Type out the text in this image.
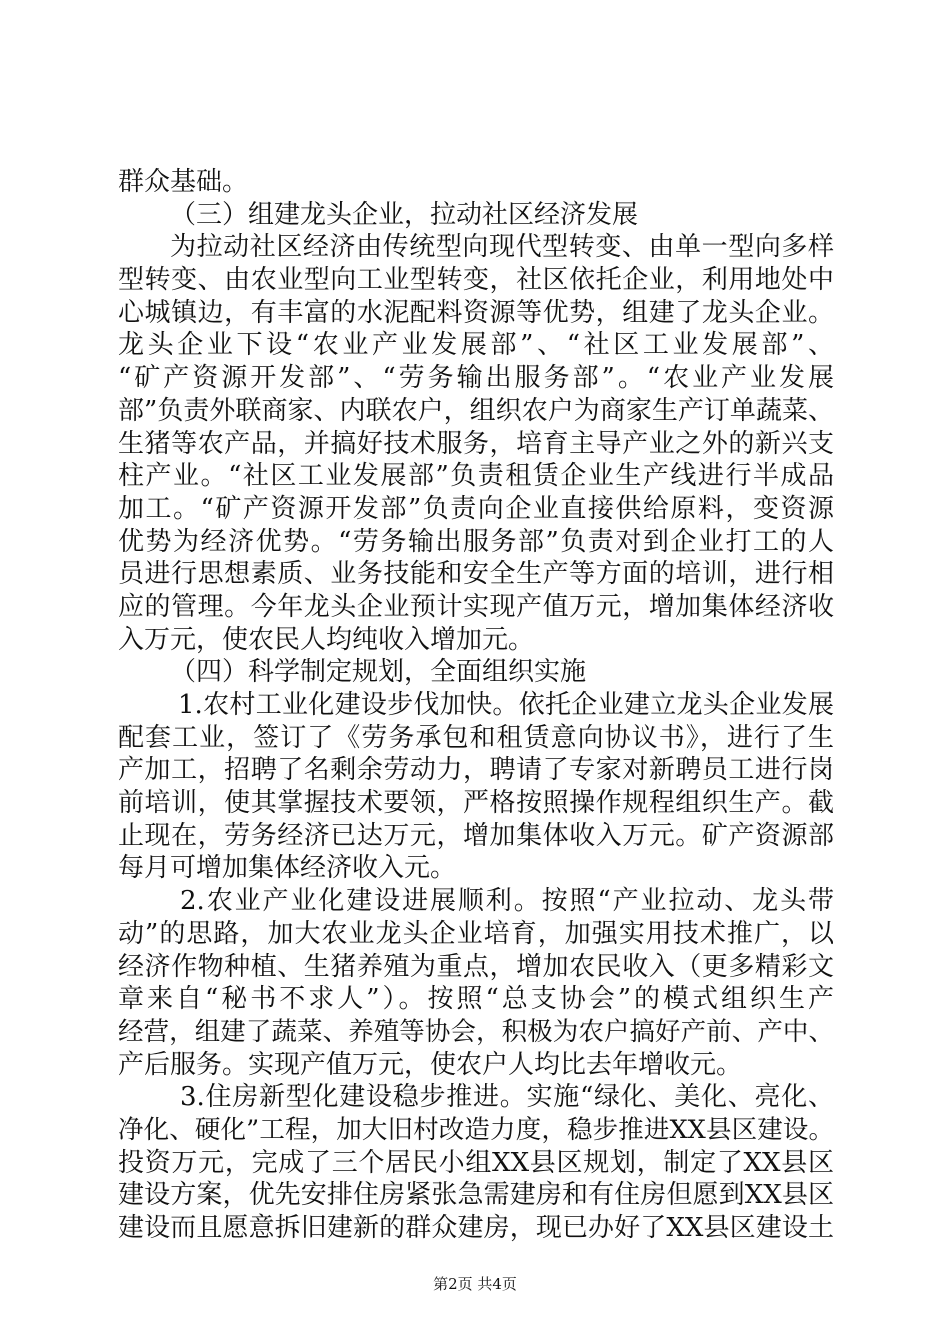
群众基础。
（三）组建龙头企业，拉动社区经济发展
为拉动社区经济由传统型向现代型转变、由单一型向多样
型转变、由农业型向工业型转变，社区依托企业，利用地处中
心城镇边，有丰富的水泥配料资源等优势，组建了龙头企业。
龙头企业下设“农业产业发展部”、“社区工业发展部”、
“矿产资源开发部”、“劳务输出服务部”。“农业产业发展
部”负责外联商家、内联农户，组织农户为商家生产订单蔬菜、
生猪等农产品，并搞好技术服务，培育主导产业之外的新兴支
柱产业。“社区工业发展部”负责租赁企业生产线进行半成品
加工。“矿产资源开发部”负责向企业直接供给原料，变资源
优势为经济优势。“劳务输出服务部”负责对到企业打工的人
员进行思想素质、业务技能和安全生产等方面的培训，进行相
应的管理。今年龙头企业预计实现产值万元，增加集体经济收
入万元，使农民人均纯收入增加元。
（四）科学制定规划，全面组织实施
1.农村工业化建设步伐加快。依托企业建立龙头企业发展
配套工业，签订了《劳务承包和租赁意向协议书》，进行了生
产加工，招聘了名剩余劳动力，聘请了专家对新聘员工进行岗
前培训，使其掌握技术要领，严格按照操作规程组织生产。截
止现在，劳务经济已达万元，增加集体收入万元。矿产资源部
每月可增加集体经济收入元。
2.农业产业化建设进展顺利。按照“产业拉动、龙头带
动”的思路，加大农业龙头企业培育，加强实用技术推广，以
经济作物种植、生猪养殖为重点，增加农民收入（更多精彩文
章来自“秘书不求人”）。按照“总支协会”的模式组织生产
经营，组建了蔬菜、养殖等协会，积极为农户搞好产前、产中、
产后服务。实现产值万元，使农户人均比去年增收元。
3.住房新型化建设稳步推进。实施“绿化、美化、亮化、
净化、硬化”工程，加大旧村改造力度，稳步推进XX县区建设。
投资万元，完成了三个居民小组XX县区规划，制定了XX县区
建设方案，优先安排住房紧张急需建房和有住房但愿到XX县区
建设而且愿意拆旧建新的群众建房，现已办好了XX县区建设土
第2页 共4页
